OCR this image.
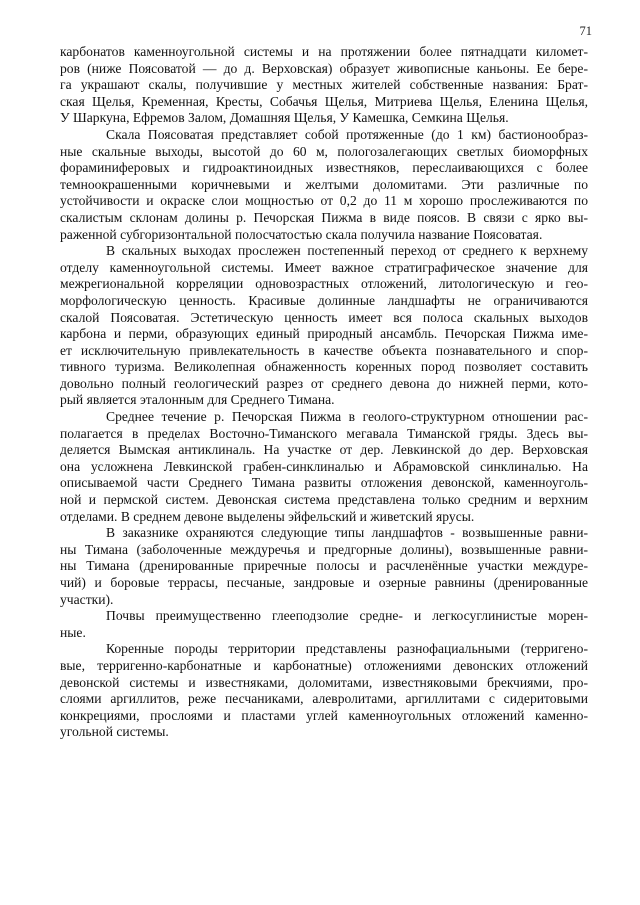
71
карбонатов каменноугольной системы и на протяжении более пятнадцати километ-
ров (ниже Поясоватой — до д. Верховская) образует живописные каньоны. Ее бере-
га украшают скалы, получившие у местных жителей собственные названия: Брат-
ская Щелья, Кременная, Кресты, Собачья Щелья, Митриева Щелья, Еленина Щелья,
У Шаркуна, Ефремов Залом, Домашняя Щелья, У Камешка, Семкина Щелья.
Скала Поясоватая представляет собой протяженные (до 1 км) бастионообраз-
ные скальные выходы, высотой до 60 м, пологозалегающих светлых биоморфных
фораминиферовых и гидроактиноидных известняков, переслаивающихся с более
темноокрашенными коричневыми и желтыми доломитами. Эти различные по
устойчивости и окраске слои мощностью от 0,2 до 11 м хорошо прослеживаются по
скалистым склонам долины р. Печорская Пижма в виде поясов. В связи с ярко вы-
раженной субгоризонтальной полосчатостью скала получила название Поясоватая.
В скальных выходах прослежен постепенный переход от среднего к верхнему
отделу каменноугольной системы. Имеет важное стратиграфическое значение для
межрегиональной корреляции одновозрастных отложений, литологическую и гео-
морфологическую ценность. Красивые долинные ландшафты не ограничиваются
скалой Поясоватая. Эстетическую ценность имеет вся полоса скальных выходов
карбона и перми, образующих единый природный ансамбль. Печорская Пижма име-
ет исключительную привлекательность в качестве объекта познавательного и спор-
тивного туризма. Великолепная обнаженность коренных пород позволяет составить
довольно полный геологический разрез от среднего девона до нижней перми, кото-
рый является эталонным для Среднего Тимана.
Среднее течение р. Печорская Пижма в геолого-структурном отношении рас-
полагается в пределах Восточно-Тиманского мегавала Тиманской гряды. Здесь вы-
деляется Вымская антиклиналь. На участке от дер. Левкинской до дер. Верховская
она усложнена Левкинской грабен-синклиналью и Абрамовской синклиналью. На
описываемой части Среднего Тимана развиты отложения девонской, каменноуголь-
ной и пермской систем. Девонская система представлена только средним и верхним
отделами. В среднем девоне выделены эйфельский и живетский ярусы.
В заказнике охраняются следующие типы ландшафтов - возвышенные равни-
ны Тимана (заболоченные междуречья и предгорные долины), возвышенные равни-
ны Тимана (дренированные приречные полосы и расчленённые участки междуре-
чий) и боровые террасы, песчаные, зандровые и озерные равнины (дренированные
участки).
Почвы преимущественно глееподзолие средне- и легкосуглинистые морен-
ные.
Коренные породы территории представлены разнофациальными (терригено-
вые, терригенно-карбонатные и карбонатные) отложениями девонских отложений
девонской системы и известняками, доломитами, известняковыми брекчиями, про-
слоями аргиллитов, реже песчаниками, алевролитами, аргиллитами с сидеритовыми
конкрециями, прослоями и пластами углей каменноугольных отложений каменно-
угольной системы.
